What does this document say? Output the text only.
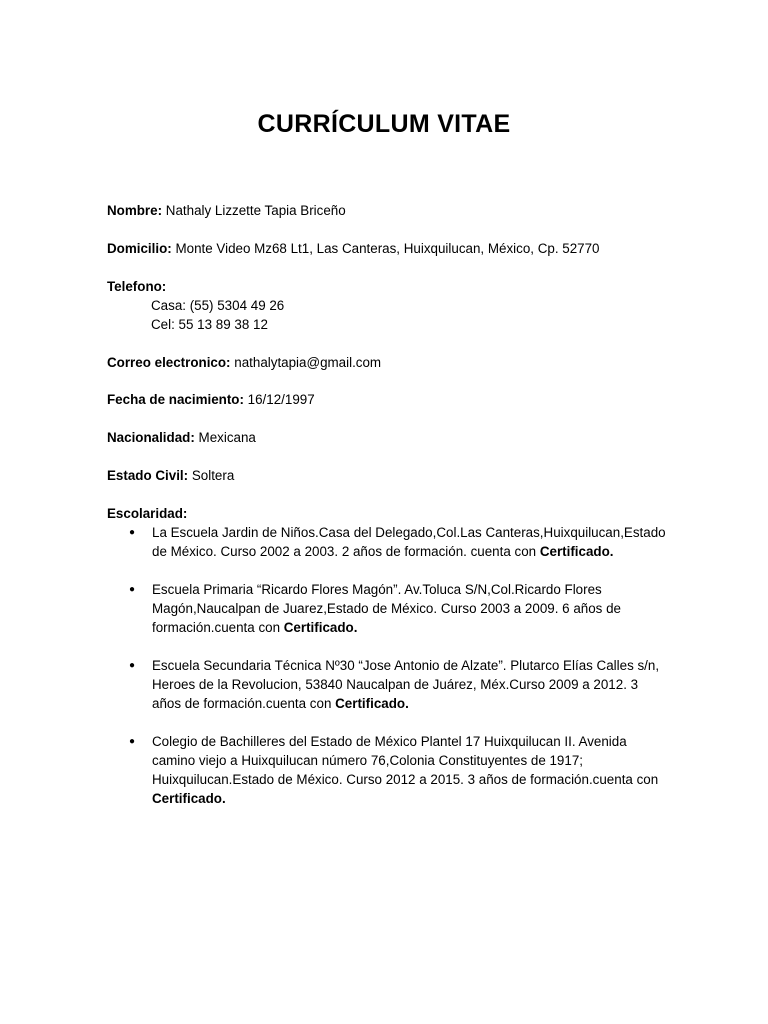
CURRÍCULUM VITAE
Nombre: Nathaly Lizzette Tapia Briceño
Domicilio: Monte Video Mz68 Lt1, Las Canteras, Huixquilucan, México, Cp. 52770
Telefono:
Casa: (55) 5304 49 26
Cel: 55 13 89 38 12
Correo electronico: nathalytapia@gmail.com
Fecha de nacimiento: 16/12/1997
Nacionalidad: Mexicana
Estado Civil: Soltera
Escolaridad:
● La Escuela Jardin de Niños.Casa del Delegado,Col.Las Canteras,Huixquilucan,Estado de México. Curso 2002 a 2003. 2 años de formación. cuenta con Certificado.
● Escuela Primaria “Ricardo Flores Magón”. Av.Toluca S/N,Col.Ricardo Flores Magón,Naucalpan de Juarez,Estado de México. Curso 2003 a 2009. 6 años de formación.cuenta con Certificado.
● Escuela Secundaria Técnica Nº30 “Jose Antonio de Alzate”. Plutarco Elías Calles s/n, Heroes de la Revolucion, 53840 Naucalpan de Juárez, Méx.Curso 2009 a 2012. 3 años de formación.cuenta con Certificado.
● Colegio de Bachilleres del Estado de México Plantel 17 Huixquilucan II. Avenida camino viejo a Huixquilucan número 76,Colonia Constituyentes de 1917; Huixquilucan.Estado de México. Curso 2012 a 2015. 3 años de formación.cuenta con Certificado.
